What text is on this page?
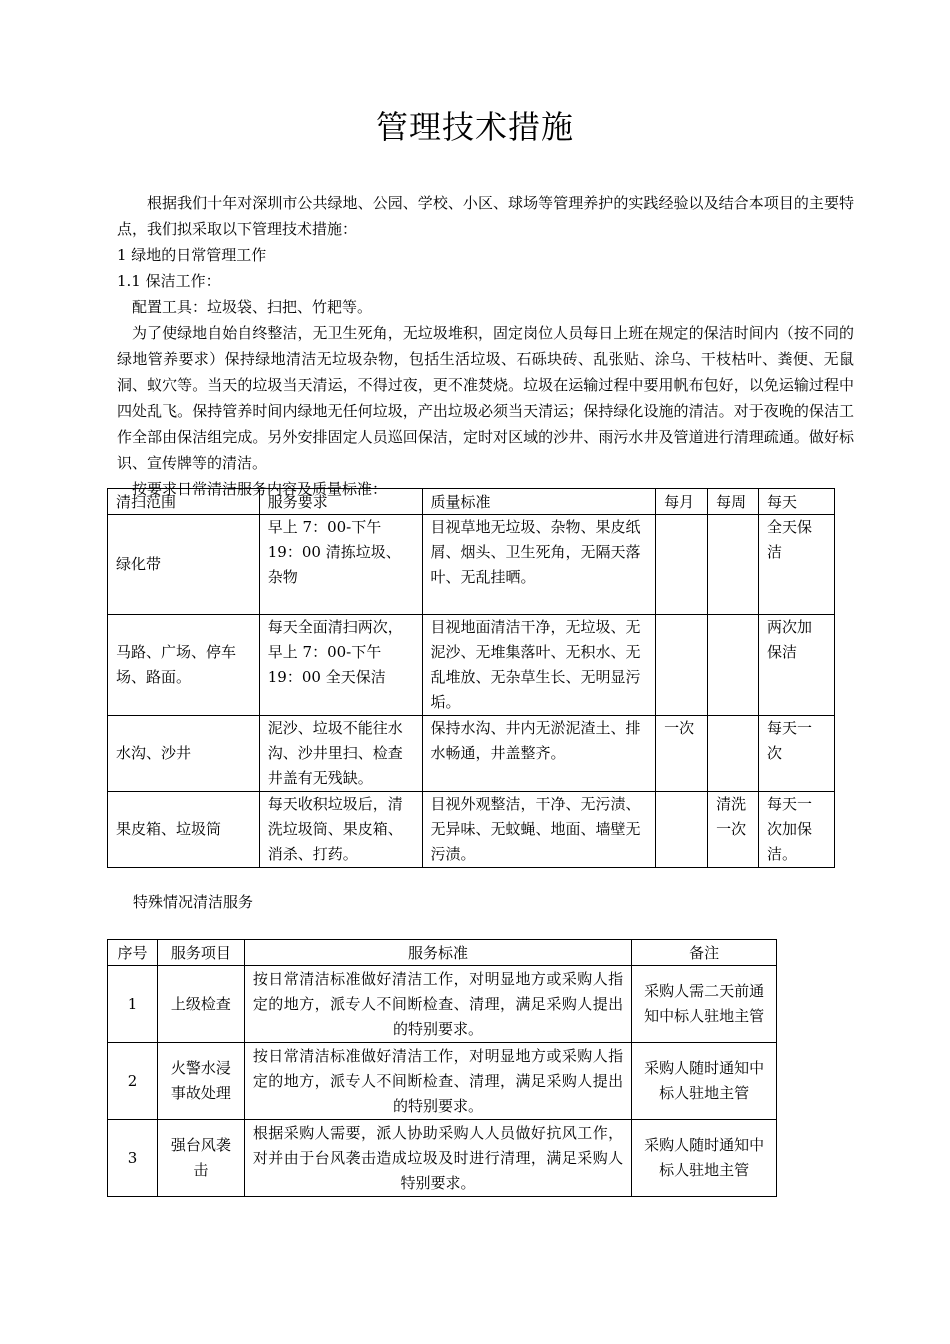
管理技术措施

根据我们十年对深圳市公共绿地、公园、学校、小区、球场等管理养护的实践经验以及结合本项目的主要特点，我们拟采取以下管理技术措施：

1 绿地的日常管理工作

1.1 保洁工作：

配置工具：垃圾袋、扫把、竹耙等。

为了使绿地自始自终整洁，无卫生死角，无垃圾堆积，固定岗位人员每日上班在规定的保洁时间内（按不同的绿地管养要求）保持绿地清洁无垃圾杂物，包括生活垃圾、石砾块砖、乱张贴、涂乌、干枝枯叶、粪便、无鼠洞、蚁穴等。当天的垃圾当天清运，不得过夜，更不准焚烧。垃圾在运输过程中要用帆布包好，以免运输过程中四处乱飞。保持管养时间内绿地无任何垃圾，产出垃圾必须当天清运；保持绿化设施的清洁。对于夜晚的保洁工作全部由保洁组完成。另外安排固定人员巡回保洁，定时对区域的沙井、雨污水井及管道进行清理疏通。做好标识、宣传牌等的清洁。

按要求日常清洁服务内容及质量标准：

清扫范围	服务要求	质量标准	每月	每周	每天
绿化带	早上 7：00-下午 19：00 清拣垃圾、杂物	目视草地无垃圾、杂物、果皮纸屑、烟头、卫生死角，无隔天落叶、无乱挂晒。			全天保洁
马路、广场、停车场、路面。	每天全面清扫两次，早上 7：00-下午 19：00 全天保洁	目视地面清洁干净，无垃圾、无泥沙、无堆集落叶、无积水、无乱堆放、无杂草生长、无明显污垢。			两次加保洁
水沟、沙井	泥沙、垃圾不能往水沟、沙井里扫、检查井盖有无残缺。	保持水沟、井内无淤泥渣土、排水畅通，井盖整齐。	一次		每天一次
果皮箱、垃圾筒	每天收积垃圾后，清洗垃圾筒、果皮箱、消杀、打药。	目视外观整洁，干净、无污渍、无异味、无蚊蝇、地面、墙壁无污渍。		清洗一次	每天一次加保洁。
特殊情况清洁服务
序号	服务项目	服务标准	备注
1	上级检查	按日常清洁标准做好清洁工作，对明显地方或采购人指定的地方，派专人不间断检查、清理，满足采购人提出的特别要求。	采购人需二天前通知中标人驻地主管
2	火警水浸事故处理	按日常清洁标准做好清洁工作，对明显地方或采购人指定的地方，派专人不间断检查、清理，满足采购人提出的特别要求。	采购人随时通知中标人驻地主管
3	强台风袭击	根据采购人需要，派人协助采购人人员做好抗风工作，对并由于台风袭击造成垃圾及时进行清理，满足采购人特别要求。	采购人随时通知中标人驻地主管
